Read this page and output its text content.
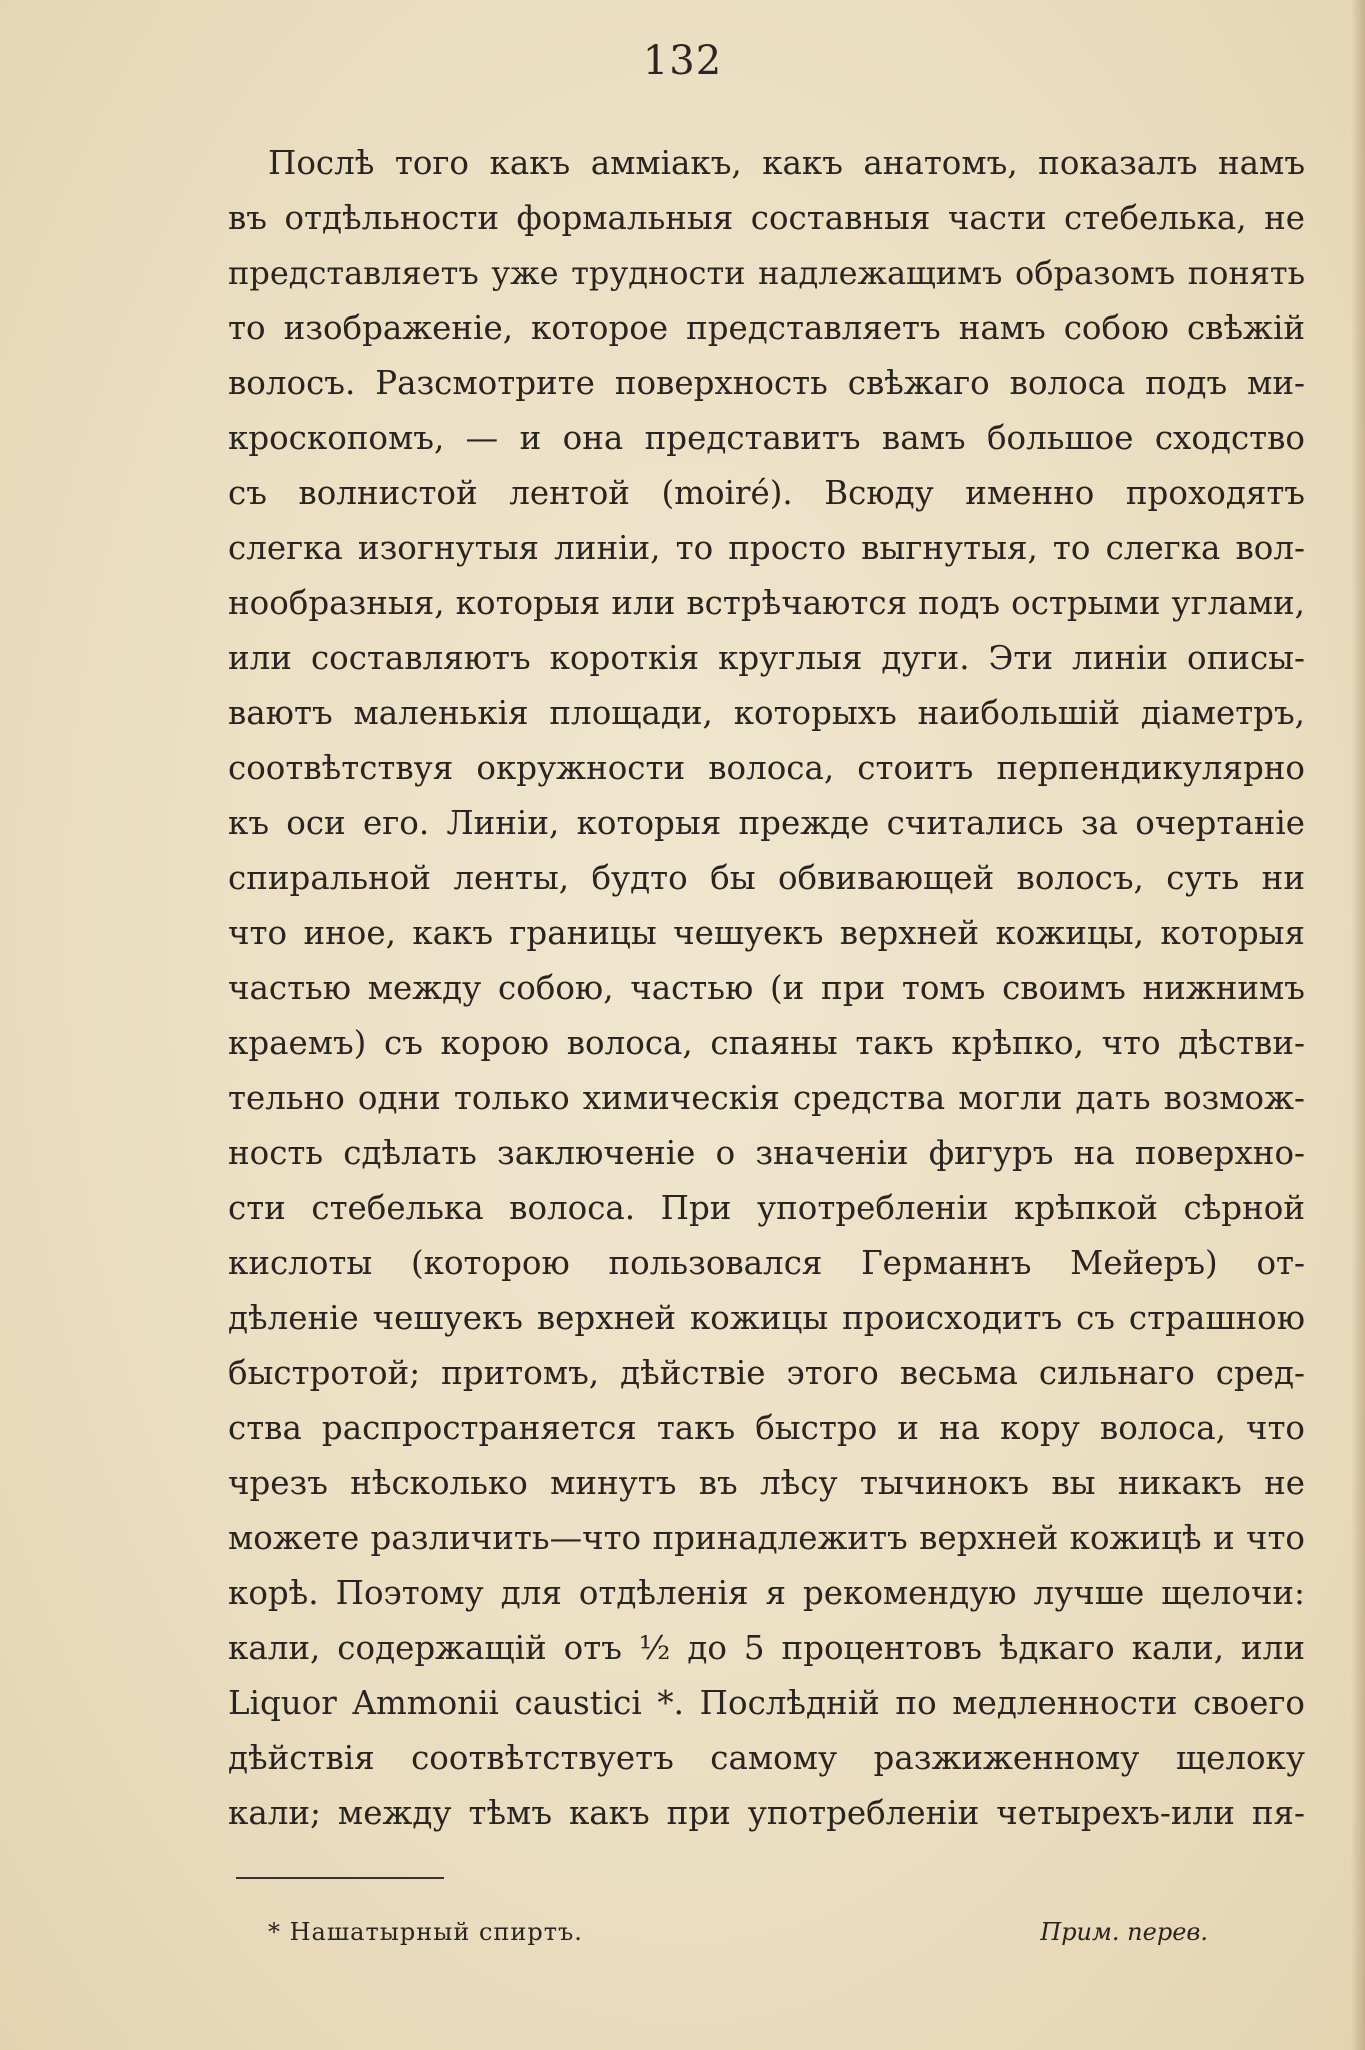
132
Послѣ того какъ амміакъ, какъ анатомъ, показалъ намъ
въ отдѣльности формальныя составныя части стебелька, не
представляетъ уже трудности надлежащимъ образомъ понять
то изображеніе, которое представляетъ намъ собою свѣжій
волосъ. Разсмотрите поверхность свѣжаго волоса подъ ми-
кроскопомъ, — и она представитъ вамъ большое сходство
съ волнистой лентой (moiré). Всюду именно проходятъ
слегка изогнутыя линіи, то просто выгнутыя, то слегка вол-
нообразныя, которыя или встрѣчаются подъ острыми углами,
или составляютъ короткія круглыя дуги. Эти линіи описы-
ваютъ маленькія площади, которыхъ наибольшій діаметръ,
соотвѣтствуя окружности волоса, стоитъ перпендикулярно
къ оси его. Линіи, которыя прежде считались за очертаніе
спиральной ленты, будто бы обвивающей волосъ, суть ни
что иное, какъ границы чешуекъ верхней кожицы, которыя
частью между собою, частью (и при томъ своимъ нижнимъ
краемъ) съ корою волоса, спаяны такъ крѣпко, что дѣстви-
тельно одни только химическія средства могли дать возмож-
ность сдѣлать заключеніе о значеніи фигуръ на поверхно-
сти стебелька волоса. При употребленіи крѣпкой сѣрной
кислоты (которою пользовался Германнъ Мейеръ) от-
дѣленіе чешуекъ верхней кожицы происходитъ съ страшною
быстротой; притомъ, дѣйствіе этого весьма сильнаго сред-
ства распространяется такъ быстро и на кору волоса, что
чрезъ нѣсколько минутъ въ лѣсу тычинокъ вы никакъ не
можете различить—что принадлежитъ верхней кожицѣ и что
корѣ. Поэтому для отдѣленія я рекомендую лучше щелочи:
кали, содержащій отъ ½ до 5 процентовъ ѣдкаго кали, или
Liquor Ammonii caustici *. Послѣдній по медленности своего
дѣйствія соотвѣтствуетъ самому разжиженному щелоку
кали; между тѣмъ какъ при употребленіи четырехъ-или пя-
* Нашатырный спиртъ.	Прим. перев.
